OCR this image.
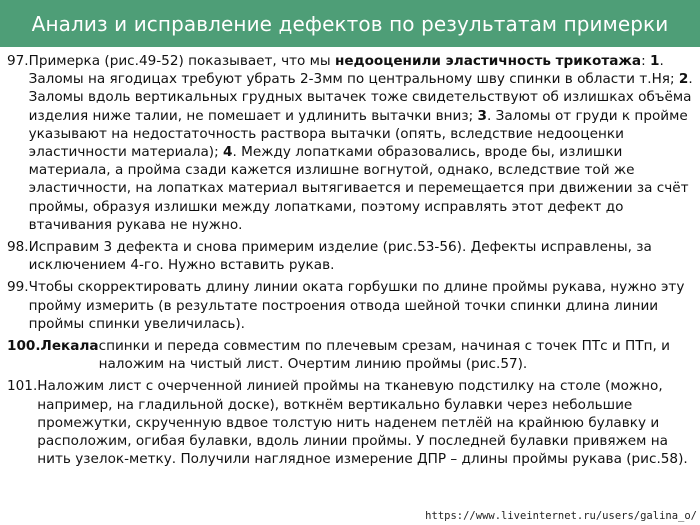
Анализ и исправление дефектов по результатам примерки
97. Примерка (рис.49-52) показывает, что мы недооценили эластичность трикотажа: 1. Заломы на ягодицах требуют убрать 2-3мм по центральному шву спинки в области т.Ня; 2. Заломы вдоль вертикальных грудных вытачек тоже свидетельствуют об излишках объёма изделия ниже талии, не помешает и удлинить вытачки вниз; 3. Заломы от груди к пройме указывают на недостаточность раствора вытачки (опять, вследствие недооценки эластичности материала); 4. Между лопатками образовались, вроде бы, излишки материала, а пройма сзади кажется излишне вогнутой, однако, вследствие той же эластичности, на лопатках материал вытягивается и перемещается при движении за счёт проймы, образуя излишки между лопатками, поэтому исправлять этот дефект до втачивания рукава не нужно.
98. Исправим 3 дефекта и снова примерим изделие (рис.53-56). Дефекты исправлены, за исключением 4-го. Нужно вставить рукав.
99. Чтобы скорректировать длину линии оката горбушки по длине проймы рукава, нужно эту пройму измерить (в результате построения отвода шейной точки спинки длина линии проймы спинки увеличилась).
100.Лекала спинки и переда совместим по плечевым срезам, начиная с точек ПТс и ПТп, и наложим на чистый лист. Очертим линию проймы (рис.57).
101. Наложим лист с очерченной линией проймы на тканевую подстилку на столе (можно, например, на гладильной доске), воткнём вертикально булавки через небольшие промежутки, скрученную вдвое толстую нить наденем петлёй на крайнюю булавку и расположим, огибая булавки, вдоль линии проймы. У последней булавки привяжем на нить узелок-метку. Получили наглядное измерение ДПР – длины проймы рукава (рис.58).
https://www.liveinternet.ru/users/galina_o/
